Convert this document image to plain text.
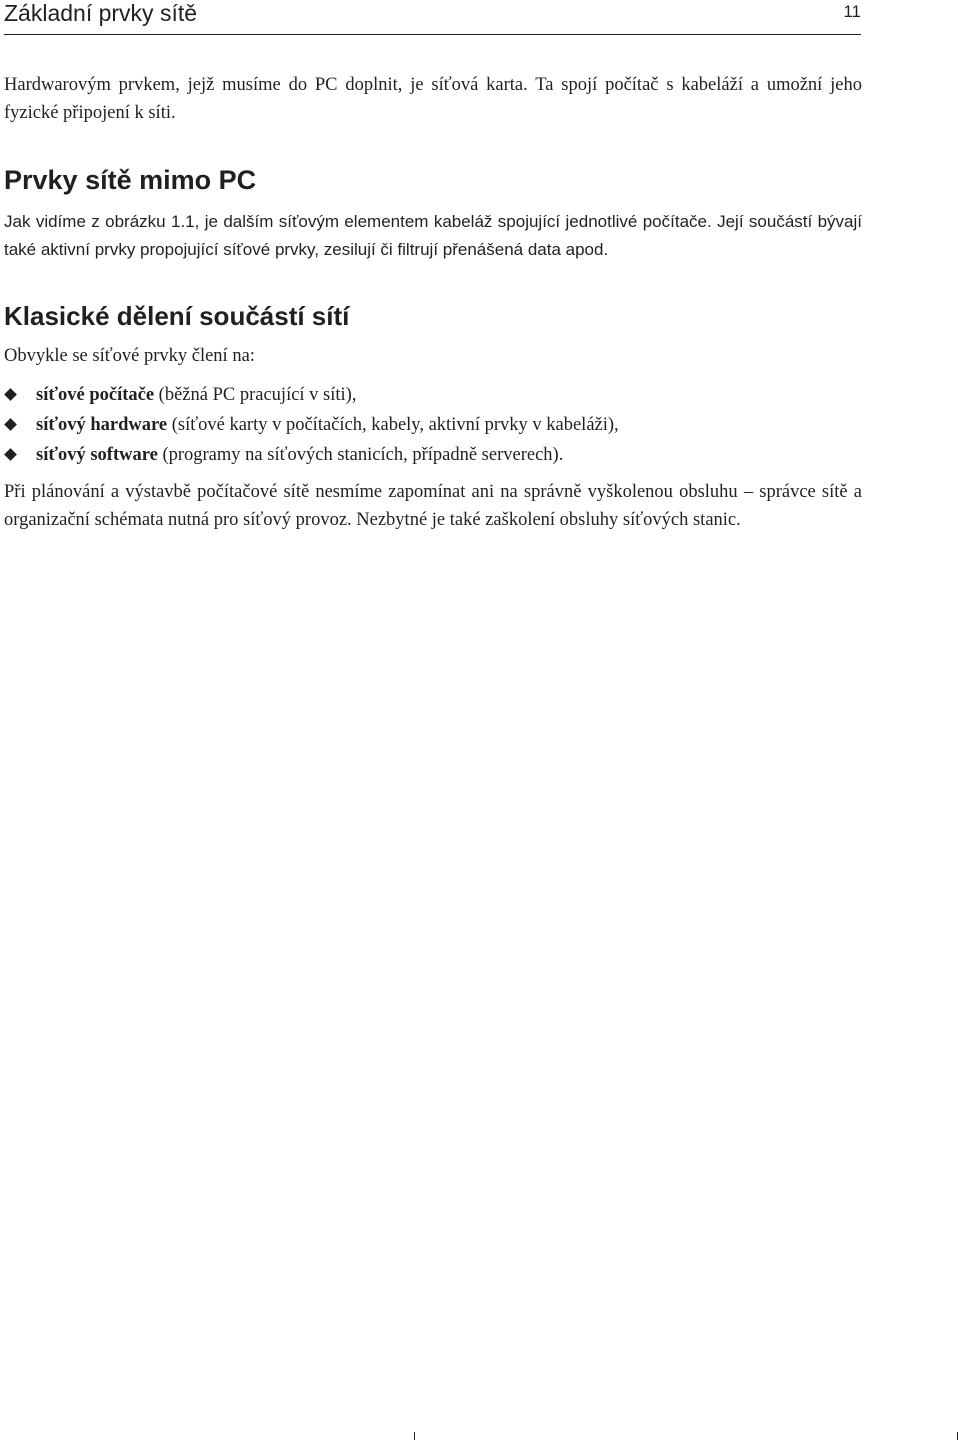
Základní prvky sítě	11

Hardwarovým prvkem, jejž musíme do PC doplnit, je síťová karta. Ta spojí počítač s kabeláží a umožní jeho fyzické připojení k síti.

Prvky sítě mimo PC

Jak vidíme z obrázku 1.1, je dalším síťovým elementem kabeláž spojující jednotlivé počítače. Její součástí bývají také aktivní prvky propojující síťové prvky, zesilují či filtrují přenášená data apod.

Klasické dělení součástí sítí

Obvykle se síťové prvky člení na:

síťové počítače (běžná PC pracující v síti),
síťový hardware (síťové karty v počítačích, kabely, aktivní prvky v kabeláži),
síťový software (programy na síťových stanicích, případně serverech).

Při plánování a výstavbě počítačové sítě nesmíme zapomínat ani na správně vyškolenou obsluhu – správce sítě a organizační schémata nutná pro síťový provoz. Nezbytné je také zaškolení obsluhy síťových stanic.
